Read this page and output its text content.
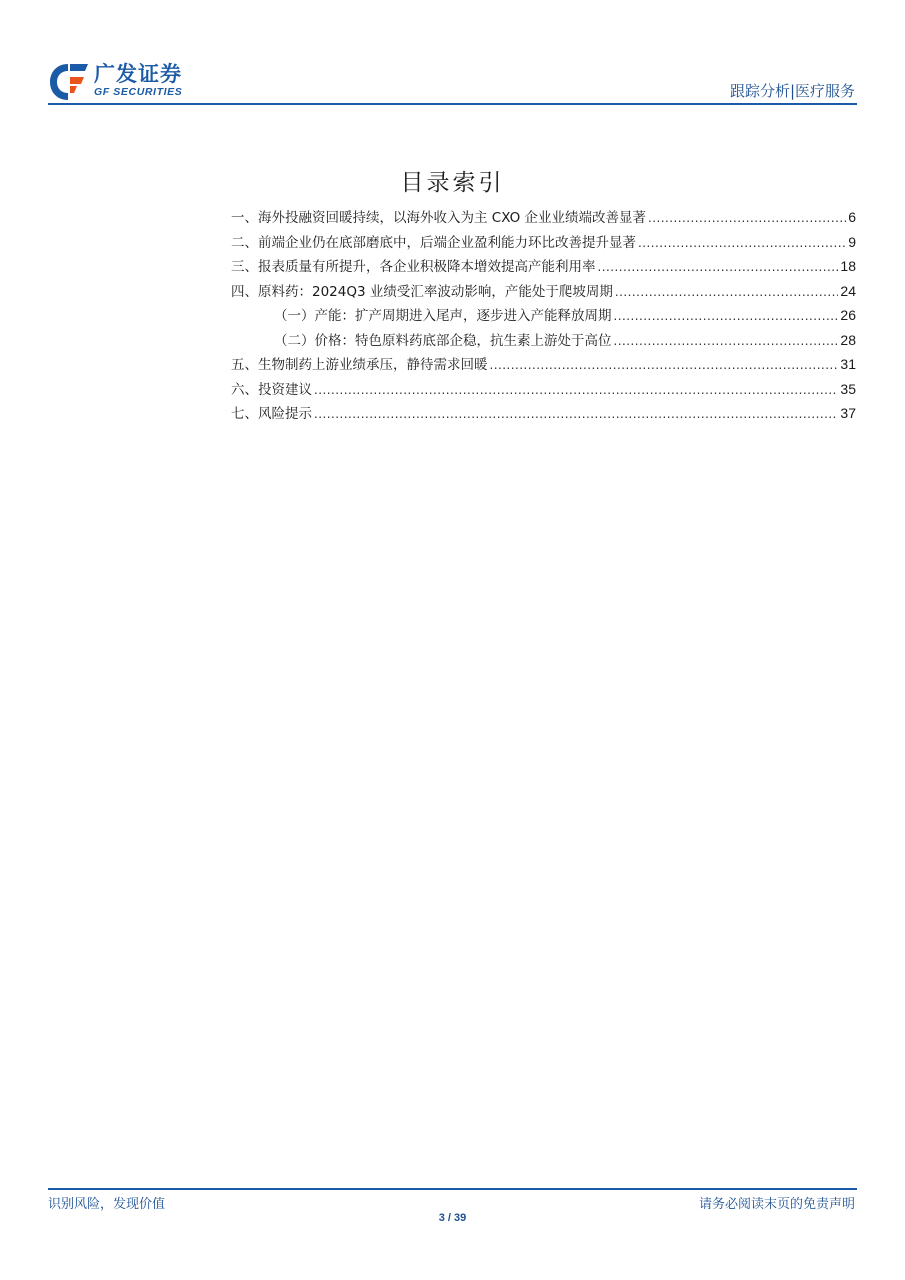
广发证券
GF SECURITIES	跟踪分析|医疗服务
目录索引
一、海外投融资回暖持续，以海外收入为主 CXO 企业业绩端改善显著 .....	6
二、前端企业仍在底部磨底中，后端企业盈利能力环比改善提升显著 .....	9
三、报表质量有所提升，各企业积极降本增效提高产能利用率 .....	18
四、原料药：2024Q3 业绩受汇率波动影响，产能处于爬坡周期 .....	24
（一）产能：扩产周期进入尾声，逐步进入产能释放周期 .....	26
（二）价格：特色原料药底部企稳，抗生素上游处于高位 .....	28
五、生物制药上游业绩承压，静待需求回暖 .....	31
六、投资建议 .....	35
七、风险提示 .....	37
识别风险，发现价值	请务必阅读末页的免责声明
3 / 39
